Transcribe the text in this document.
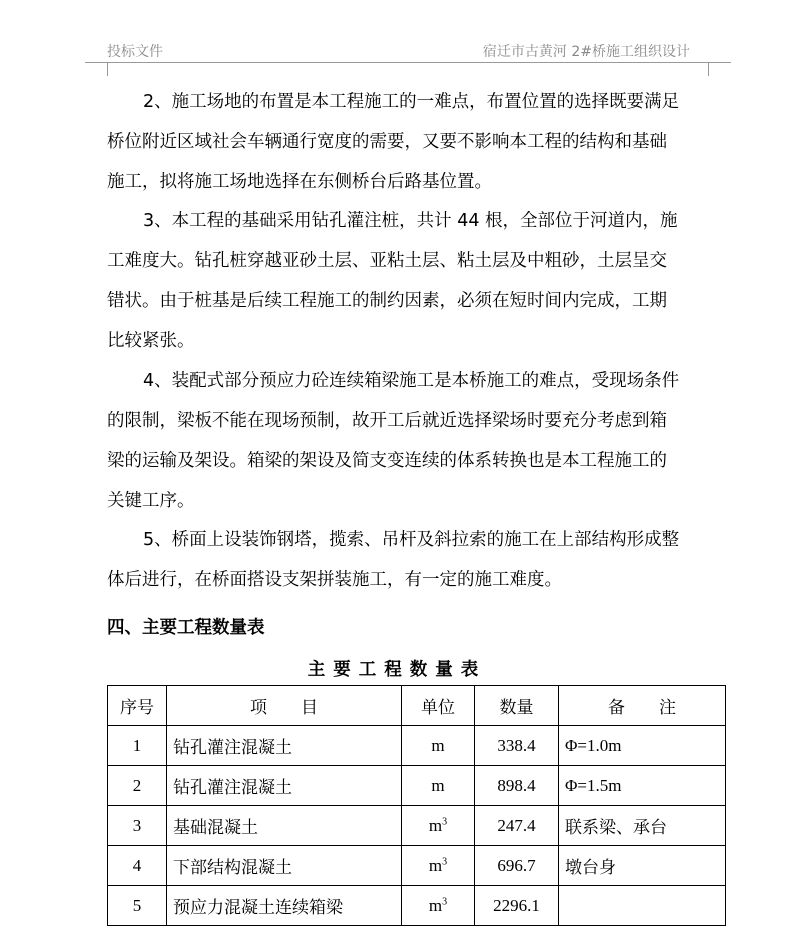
投标文件	宿迁市古黄河 2#桥施工组织设计
2、施工场地的布置是本工程施工的一难点，布置位置的选择既要满足
桥位附近区域社会车辆通行宽度的需要，又要不影响本工程的结构和基础
施工，拟将施工场地选择在东侧桥台后路基位置。
3、本工程的基础采用钻孔灌注桩，共计 44 根，全部位于河道内，施
工难度大。钻孔桩穿越亚砂土层、亚粘土层、粘土层及中粗砂，土层呈交
错状。由于桩基是后续工程施工的制约因素，必须在短时间内完成，工期
比较紧张。
4、装配式部分预应力砼连续箱梁施工是本桥施工的难点，受现场条件
的限制，梁板不能在现场预制，故开工后就近选择梁场时要充分考虑到箱
梁的运输及架设。箱梁的架设及简支变连续的体系转换也是本工程施工的
关键工序。
5、桥面上设装饰钢塔，揽索、吊杆及斜拉索的施工在上部结构形成整
体后进行，在桥面搭设支架拼装施工，有一定的施工难度。
四、主要工程数量表
主要工程数量表
序号	项　　目	单位	数量	备　　注
1	钻孔灌注混凝土	m	338.4	Φ=1.0m
2	钻孔灌注混凝土	m	898.4	Φ=1.5m
3	基础混凝土	$m^3$	247.4	联系梁、承台
4	下部结构混凝土	$m^3$	696.7	墩台身
5	预应力混凝土连续箱梁	$m^3$	2296.1	
